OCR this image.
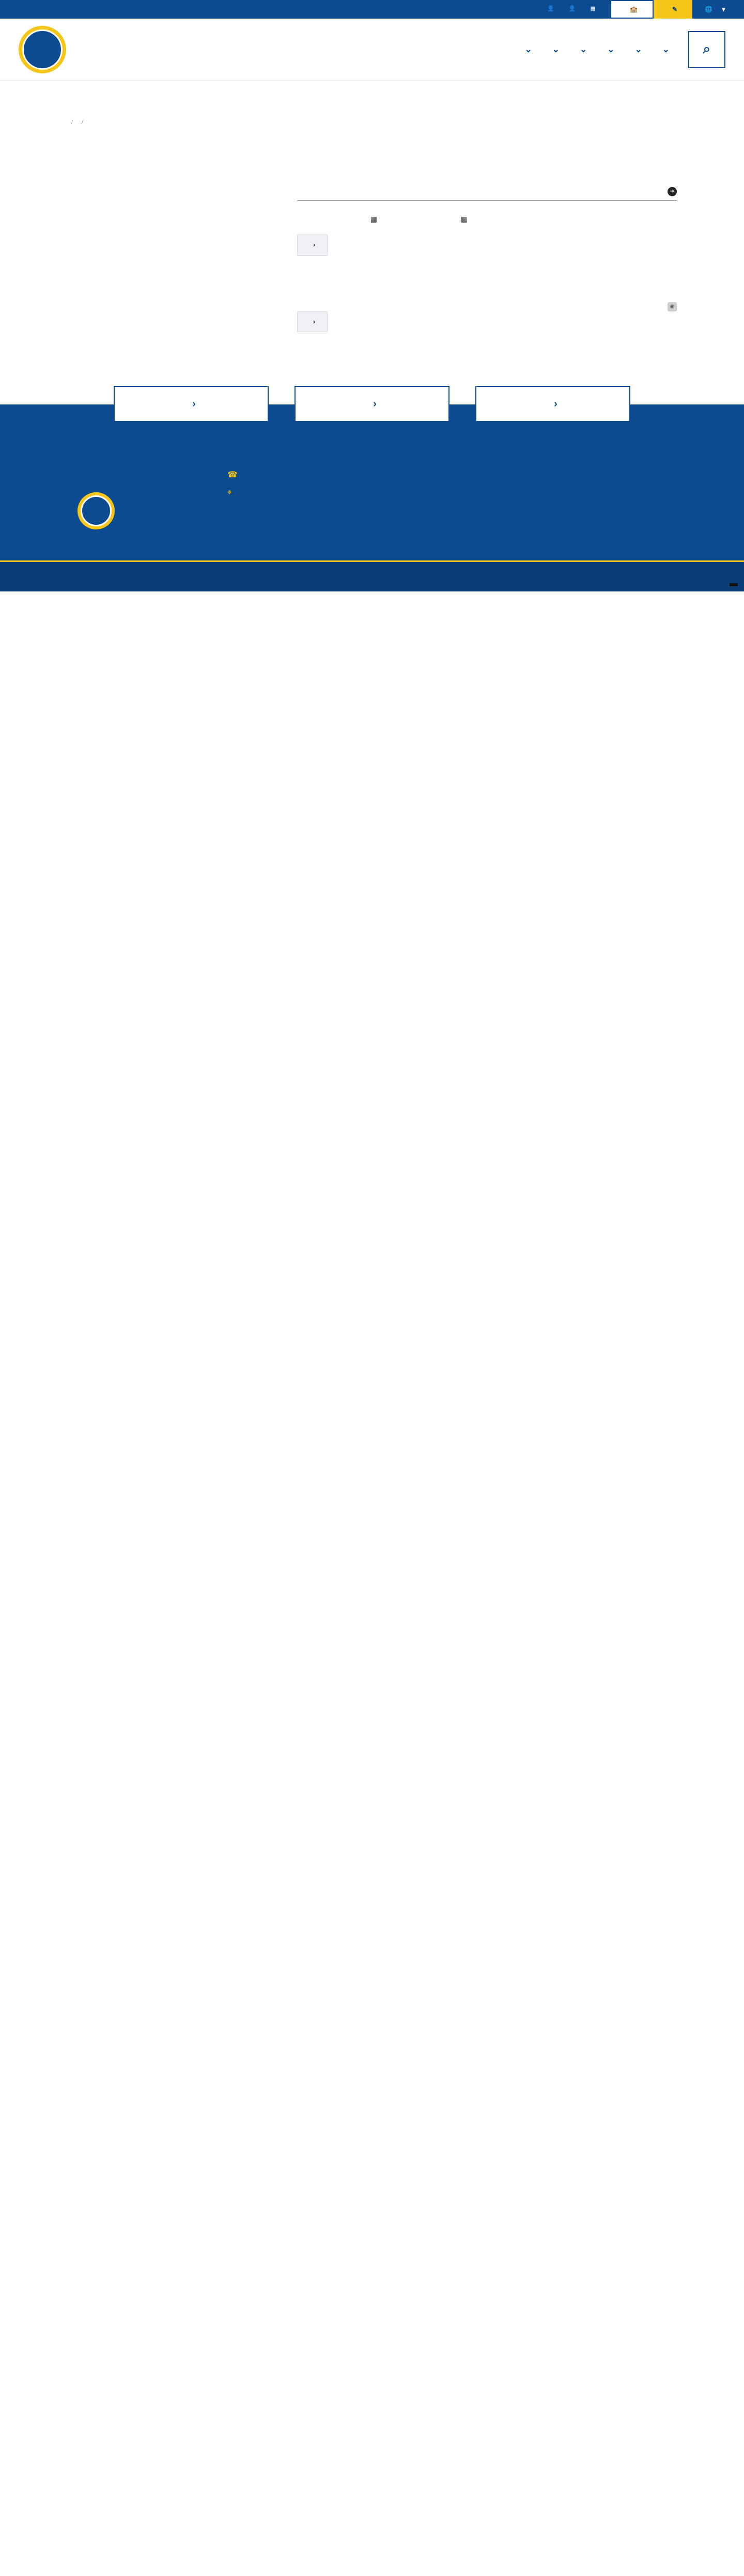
👤	👤	▦	🏫	✎	🌐 ▾
⌄ ⌄ ⌄ ⌄ ⌄ ⌄ ⌕
/ /

➜
▦	▦
›
◉
›
›	›	›
☎
⌖
